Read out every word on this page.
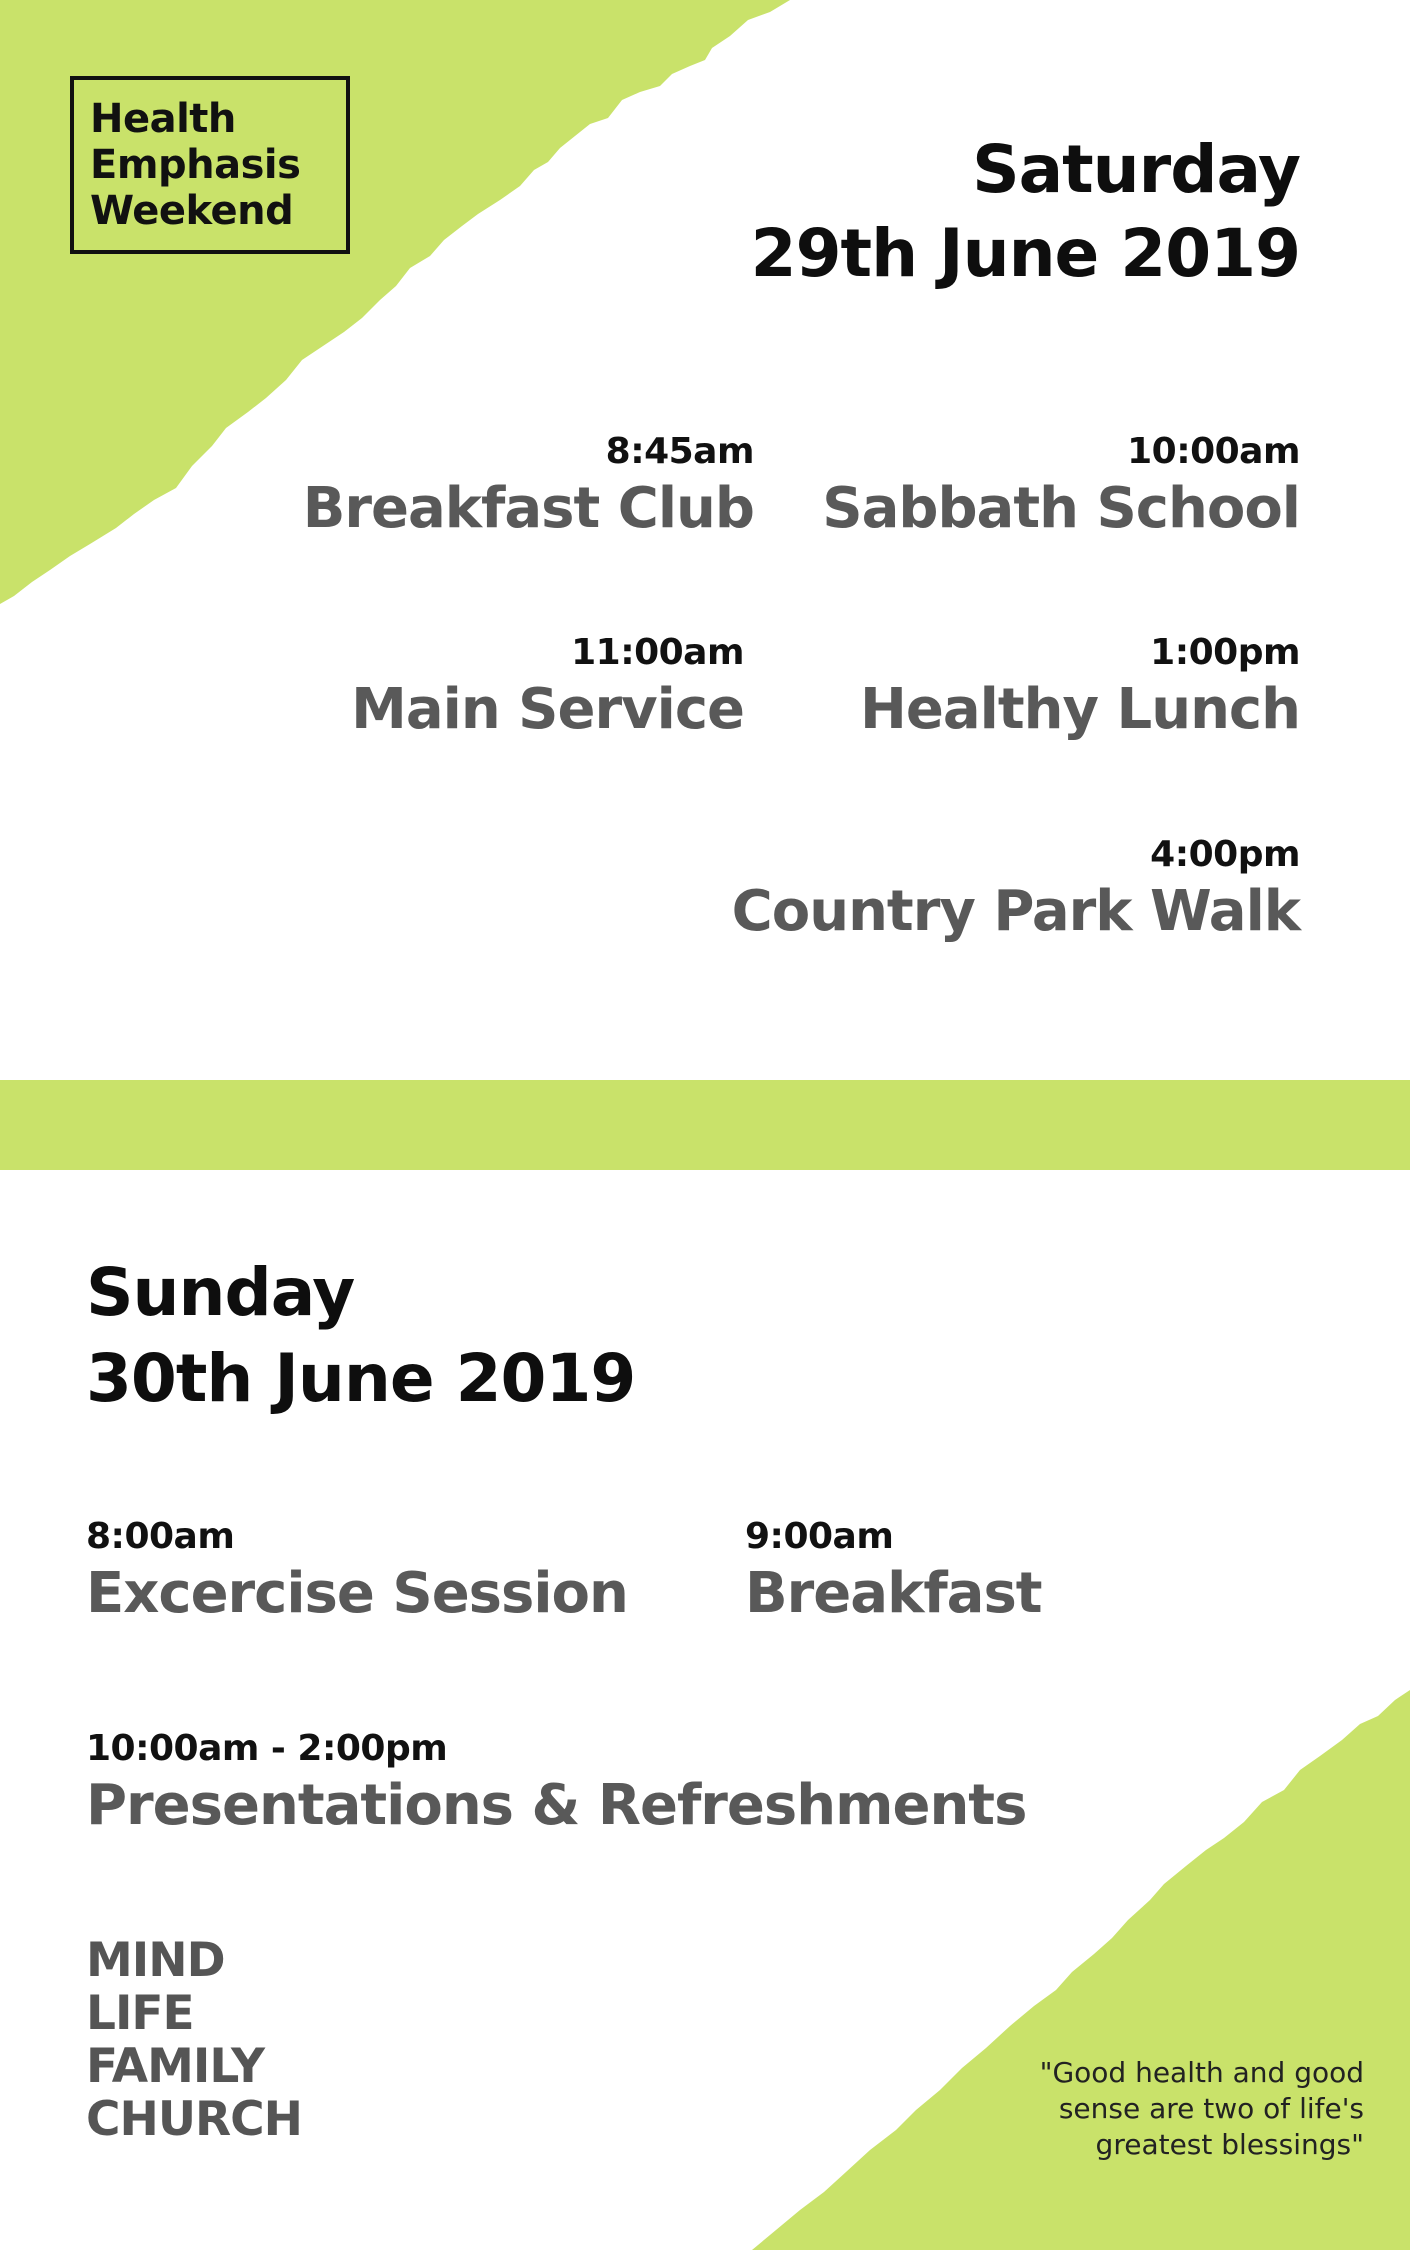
Health
Emphasis
Weekend
Saturday
29th June 2019
8:45am
Breakfast Club
10:00am
Sabbath School
11:00am
Main Service
1:00pm
Healthy Lunch
4:00pm
Country Park Walk
Sunday
30th June 2019
8:00am
Excercise Session
9:00am
Breakfast
10:00am - 2:00pm
Presentations & Refreshments
MIND
LIFE
FAMILY
CHURCH
"Good health and good
sense are two of life's
greatest blessings"
